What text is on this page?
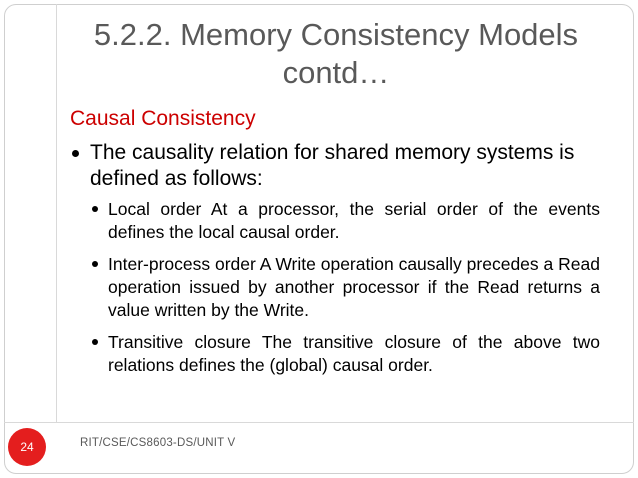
5.2.2. Memory Consistency Models
contd…
Causal Consistency
The causality relation for shared memory systems is defined as follows:
Local order At a processor, the serial order of the events defines the local causal order.
Inter-process order A Write operation causally precedes a Read operation issued by another processor if the Read returns a value written by the Write.
Transitive closure The transitive closure of the above two relations defines the (global) causal order.
24	RIT/CSE/CS8603-DS/UNIT V
